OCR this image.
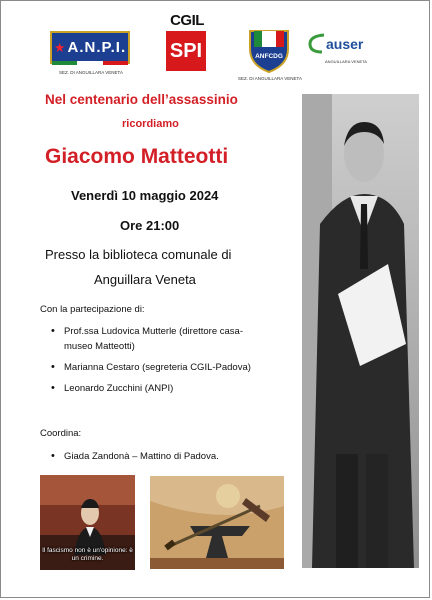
★ A.N.P.I.
SEZ. DI ANGUILLARA VENETA
CGIL
SPI	ANFCDG
SEZ. DI ANGUILLARA VENETA
auser
ANGUILLARA VENETA
Nel centenario dell’assassinio
ricordiamo
Giacomo Matteotti
Venerdì 10 maggio 2024
Ore 21:00
Presso la biblioteca comunale di
Anguillara Veneta
Con la partecipazione di:
• Prof.ssa Ludovica Mutterle (direttore casa-museo Matteotti)
• Marianna Cestaro (segreteria CGIL-Padova)
• Leonardo Zucchini (ANPI)
Coordina:
• Giada Zandonà – Mattino di Padova.
Il fascismo non è un'opinione: è un crimine.
